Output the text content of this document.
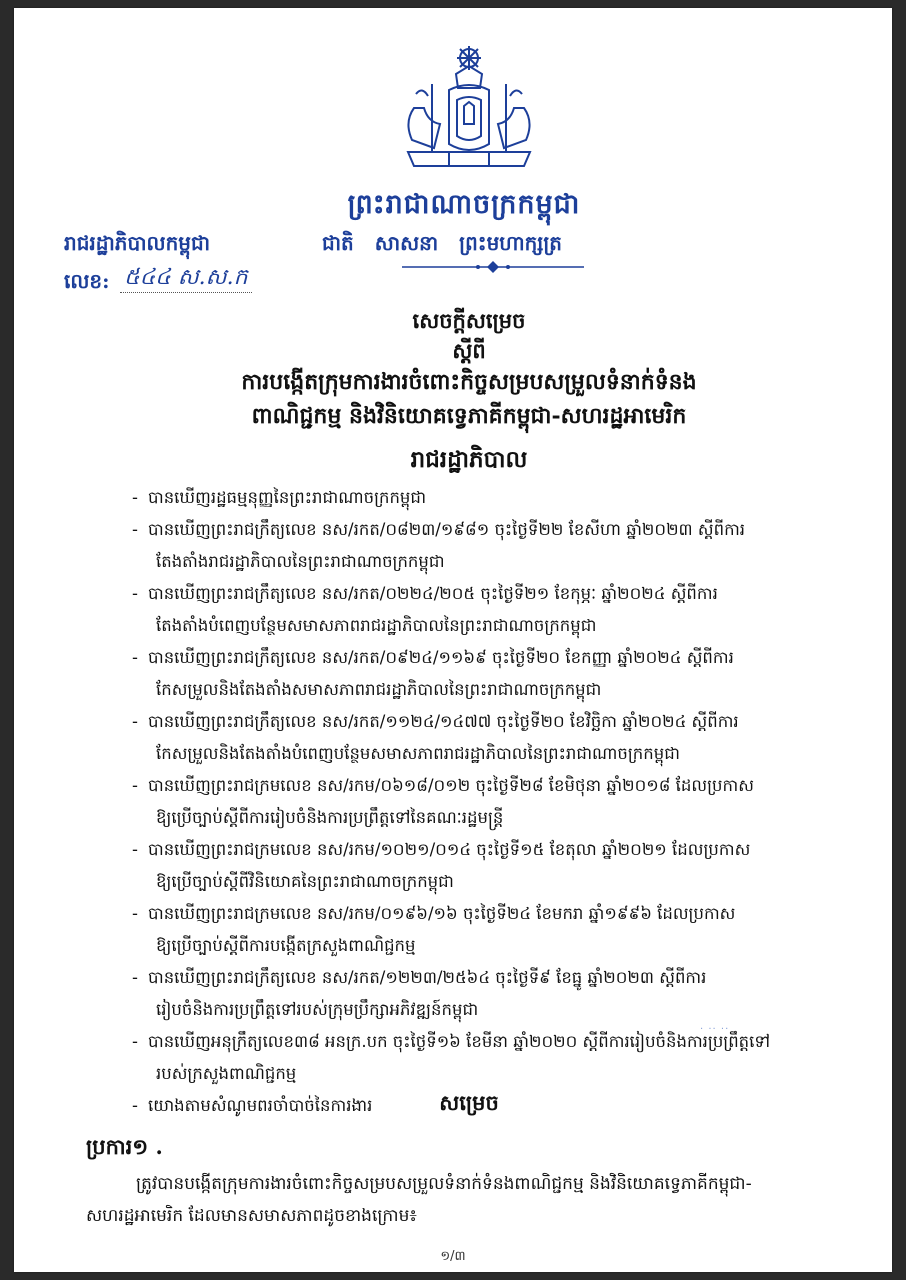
ព្រះរាជាណាចក្រកម្ពុជា
រាជរដ្ឋាភិបាលកម្ពុជា	ជាតិ សាសនា ព្រះមហាក្សត្រ
លេខ: ៥៤៤ ស.ស.ក
សេចក្ដីសម្រេច
ស្ដីពី
ការបង្កើតក្រុមការងារចំពោះកិច្ចសម្របសម្រួលទំនាក់ទំនង
ពាណិជ្ជកម្ម និងវិនិយោគទ្វេភាគីកម្ពុជា-សហរដ្ឋអាមេរិក
រាជរដ្ឋាភិបាល
- បានឃើញរដ្ឋធម្មនុញ្ញនៃព្រះរាជាណាចក្រកម្ពុជា
- បានឃើញព្រះរាជក្រឹត្យលេខ នស/រកត/០៨២៣/១៩៨១ ចុះថ្ងៃទី២២ ខែសីហា ឆ្នាំ២០២៣ ស្ដីពីការ
តែងតាំងរាជរដ្ឋាភិបាលនៃព្រះរាជាណាចក្រកម្ពុជា
- បានឃើញព្រះរាជក្រឹត្យលេខ នស/រកត/០២២៤/២០៥ ចុះថ្ងៃទី២១ ខែកុម្ភៈ ឆ្នាំ២០២៤ ស្ដីពីការ
តែងតាំងបំពេញបន្ថែមសមាសភាពរាជរដ្ឋាភិបាលនៃព្រះរាជាណាចក្រកម្ពុជា
- បានឃើញព្រះរាជក្រឹត្យលេខ នស/រកត/០៩២៤/១១៦៩ ចុះថ្ងៃទី២០ ខែកញ្ញា ឆ្នាំ២០២៤ ស្ដីពីការ
កែសម្រួលនិងតែងតាំងសមាសភាពរាជរដ្ឋាភិបាលនៃព្រះរាជាណាចក្រកម្ពុជា
- បានឃើញព្រះរាជក្រឹត្យលេខ នស/រកត/១១២៤/១៤៧៧ ចុះថ្ងៃទី២០ ខែវិច្ឆិកា ឆ្នាំ២០២៤ ស្ដីពីការ
កែសម្រួលនិងតែងតាំងបំពេញបន្ថែមសមាសភាពរាជរដ្ឋាភិបាលនៃព្រះរាជាណាចក្រកម្ពុជា
- បានឃើញព្រះរាជក្រមលេខ នស/រកម/០៦១៨/០១២ ចុះថ្ងៃទី២៨ ខែមិថុនា ឆ្នាំ២០១៨ ដែលប្រកាស
ឱ្យប្រើច្បាប់ស្ដីពីការរៀបចំនិងការប្រព្រឹត្តទៅនៃគណៈរដ្ឋមន្ត្រី
- បានឃើញព្រះរាជក្រមលេខ នស/រកម/១០២១/០១៤ ចុះថ្ងៃទី១៥ ខែតុលា ឆ្នាំ២០២១ ដែលប្រកាស
ឱ្យប្រើច្បាប់ស្ដីពីវិនិយោគនៃព្រះរាជាណាចក្រកម្ពុជា
- បានឃើញព្រះរាជក្រមលេខ នស/រកម/០១៩៦/១៦ ចុះថ្ងៃទី២៤ ខែមករា ឆ្នាំ១៩៩៦ ដែលប្រកាស
ឱ្យប្រើច្បាប់ស្ដីពីការបង្កើតក្រសួងពាណិជ្ជកម្ម
- បានឃើញព្រះរាជក្រឹត្យលេខ នស/រកត/១២២៣/២៥៦៤ ចុះថ្ងៃទី៩ ខែធ្នូ ឆ្នាំ២០២៣ ស្ដីពីការ
រៀបចំនិងការប្រព្រឹត្តទៅរបស់ក្រុមប្រឹក្សាអភិវឌ្ឍន៍កម្ពុជា
- បានឃើញអនុក្រឹត្យលេខ៣៨ អនក្រ.បក ចុះថ្ងៃទី១៦ ខែមីនា ឆ្នាំ២០២០ ស្ដីពីការរៀបចំនិងការប្រព្រឹត្តទៅ
របស់ក្រសួងពាណិជ្ជកម្ម
- យោងតាមសំណូមពរចាំបាច់នៃការងារ
· ·· ··
សម្រេច
ប្រការ១ .

ត្រូវបានបង្កើតក្រុមការងារចំពោះកិច្ចសម្របសម្រួលទំនាក់ទំនងពាណិជ្ជកម្ម និងវិនិយោគទ្វេភាគីកម្ពុជា-សហរដ្ឋអាមេរិក ដែលមានសមាសភាពដូចខាងក្រោម៖

១/៣
